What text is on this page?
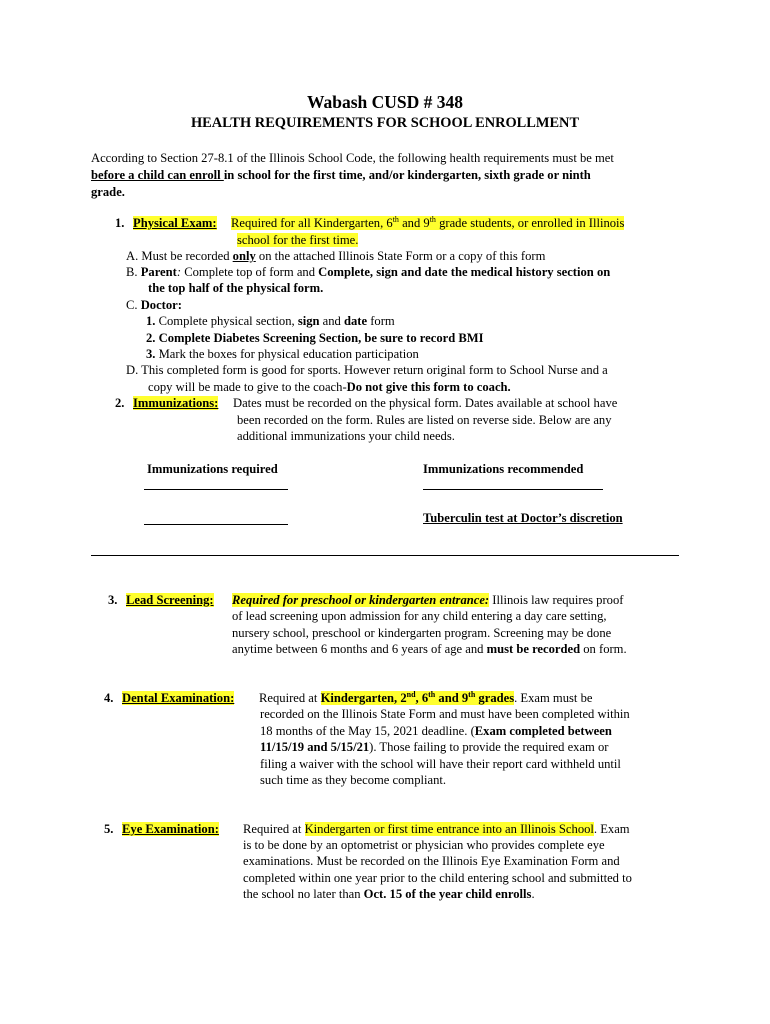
Wabash CUSD # 348
HEALTH REQUIREMENTS FOR SCHOOL ENROLLMENT
According to Section 27-8.1 of the Illinois School Code, the following health requirements must be met
before a child can enroll in school for the first time, and/or kindergarten, sixth grade or ninth
grade.
1. Physical Exam: Required for all Kindergarten, 6th and 9th grade students, or enrolled in Illinois
school for the first time.
A. Must be recorded only on the attached Illinois State Form or a copy of this form
B. Parent: Complete top of form and Complete, sign and date the medical history section on
the top half of the physical form.
C. Doctor:
1. Complete physical section, sign and date form
2. Complete Diabetes Screening Section, be sure to record BMI
3. Mark the boxes for physical education participation
D. This completed form is good for sports. However return original form to School Nurse and a
copy will be made to give to the coach-Do not give this form to coach.
2. Immunizations: Dates must be recorded on the physical form. Dates available at school have
been recorded on the form. Rules are listed on reverse side. Below are any
additional immunizations your child needs.
Immunizations required	Immunizations recommended
Tuberculin test at Doctor’s discretion
3. Lead Screening: Required for preschool or kindergarten entrance: Illinois law requires proof
of lead screening upon admission for any child entering a day care setting,
nursery school, preschool or kindergarten program. Screening may be done
anytime between 6 months and 6 years of age and must be recorded on form.
4. Dental Examination: Required at Kindergarten, 2nd, 6th and 9th grades. Exam must be
recorded on the Illinois State Form and must have been completed within
18 months of the May 15, 2021 deadline. (Exam completed between
11/15/19 and 5/15/21). Those failing to provide the required exam or
filing a waiver with the school will have their report card withheld until
such time as they become compliant.
5. Eye Examination: Required at Kindergarten or first time entrance into an Illinois School. Exam
is to be done by an optometrist or physician who provides complete eye
examinations. Must be recorded on the Illinois Eye Examination Form and
completed within one year prior to the child entering school and submitted to
the school no later than Oct. 15 of the year child enrolls.
